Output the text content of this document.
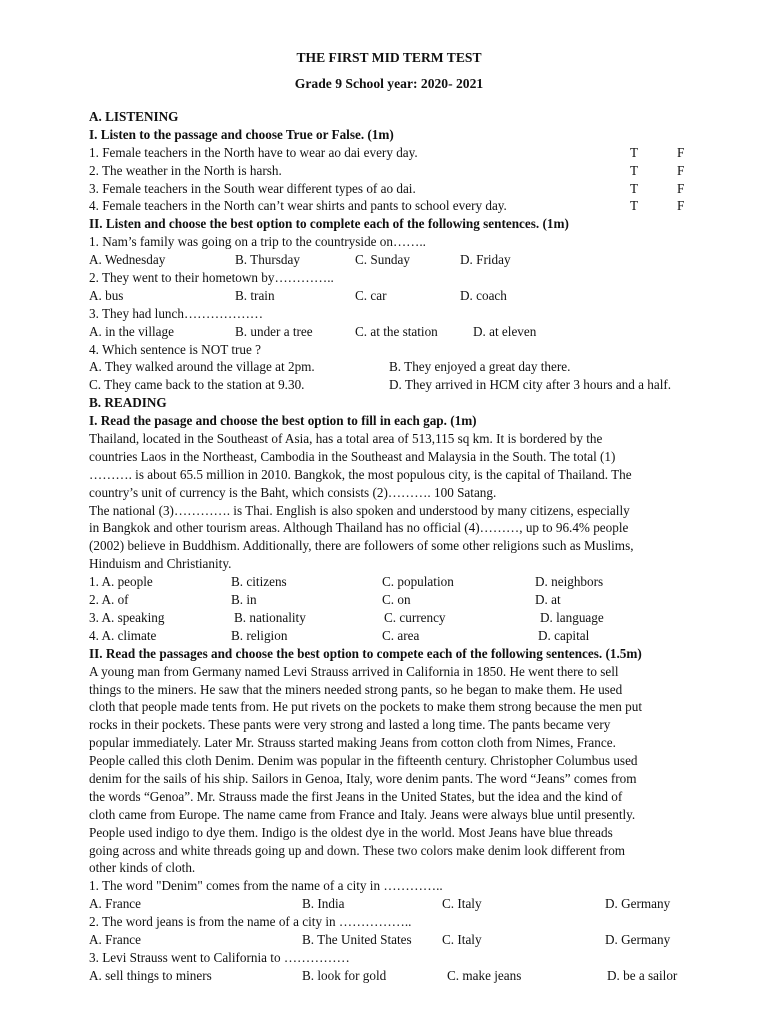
THE FIRST MID TERM TEST
Grade 9 School year: 2020- 2021
A. LISTENING
I. Listen to the passage and choose True or False. (1m)
1. Female teachers in the North have to wear ao dai every day.	T	F
2. The weather in the North is harsh.	T	F
3. Female teachers in the South wear different types of ao dai.	T	F
4. Female teachers in the North can’t wear shirts and pants to school every day.	T	F
II. Listen and choose the best option to complete each of the following sentences. (1m)
1. Nam’s family was going on a trip to the countryside on……..
A. Wednesday	B. Thursday	C. Sunday	D. Friday
2. They went to their hometown by…………..
A. bus	B. train	C. car	D. coach
3. They had lunch………………
A. in the village	B. under a tree	C. at the station	D. at eleven
4. Which sentence is NOT true ?
A. They walked around the village at 2pm.	B. They enjoyed a great day there.
C. They came back to the station at 9.30.	D. They arrived in HCM city after 3 hours and a half.
B. READING
I. Read the pasage and choose the best option to fill in each gap. (1m)
Thailand, located in the Southeast of Asia, has a total area of 513,115 sq km. It is bordered by the
countries Laos in the Northeast, Cambodia in the Southeast and Malaysia in the South. The total (1)
………. is about 65.5 million in 2010. Bangkok, the most populous city, is the capital of Thailand. The
country’s unit of currency is the Baht, which consists (2)………. 100 Satang.
The national (3)…………. is Thai. English is also spoken and understood by many citizens, especially
in Bangkok and other tourism areas. Although Thailand has no official (4)………, up to 96.4% people
(2002) believe in Buddhism. Additionally, there are followers of some other religions such as Muslims,
Hinduism and Christianity.
1. A. people	B. citizens	C. population	D. neighbors
2. A. of	B. in	C. on	D. at
3. A. speaking	B. nationality	C. currency	D. language
4. A. climate	B. religion	C. area	D. capital
II. Read the passages and choose the best option to compete each of the following sentences. (1.5m)
A young man from Germany named Levi Strauss arrived in California in 1850. He went there to sell
things to the miners. He saw that the miners needed strong pants, so he began to make them. He used
cloth that people made tents from. He put rivets on the pockets to make them strong because the men put
rocks in their pockets. These pants were very strong and lasted a long time. The pants became very
popular immediately. Later Mr. Strauss started making Jeans from cotton cloth from Nimes, France.
People called this cloth Denim. Denim was popular in the fifteenth century. Christopher Columbus used
denim for the sails of his ship. Sailors in Genoa, Italy, wore denim pants. The word “Jeans” comes from
the words “Genoa”. Mr. Strauss made the first Jeans in the United States, but the idea and the kind of
cloth came from Europe. The name came from France and Italy. Jeans were always blue until presently.
People used indigo to dye them. Indigo is the oldest dye in the world. Most Jeans have blue threads
going across and white threads going up and down. These two colors make denim look different from
other kinds of cloth.
1. The word "Denim" comes from the name of a city in …………..
A. France	B. India	C. Italy	D. Germany
2. The word jeans is from the name of a city in ……………..
A. France	B. The United States C. Italy	D. Germany
3. Levi Strauss went to California to ……………
A. sell things to miners	B. look for gold	C. make jeans	D. be a sailor
